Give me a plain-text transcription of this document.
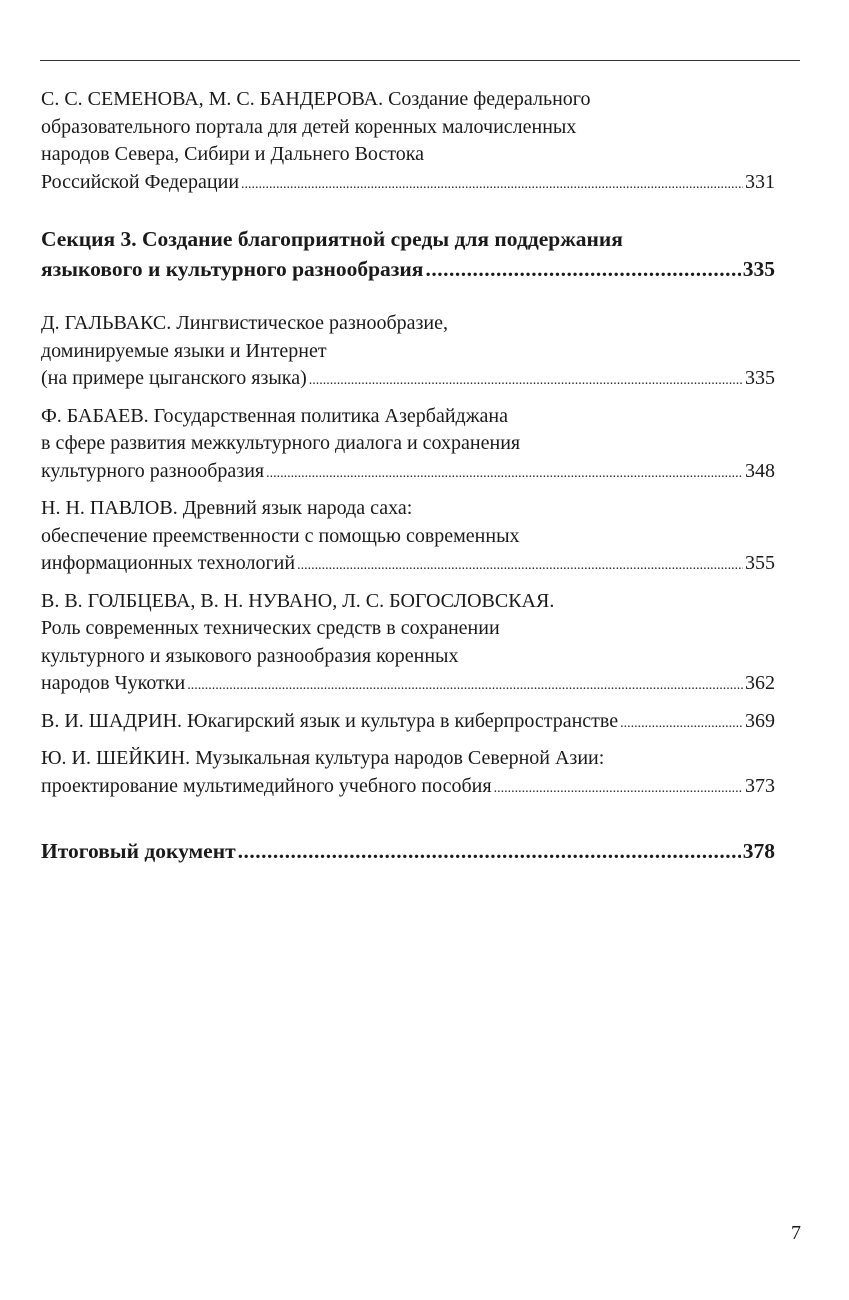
С. С. СЕМЕНОВА, М. С. БАНДЕРОВА. Создание федерального
образовательного портала для детей коренных малочисленных
народов Севера, Сибири и Дальнего Востока
Российской Федерации .....	331
Секция 3. Создание благоприятной среды для поддержания
языкового и культурного разнообразия .....	335
Д. ГАЛЬВАКС. Лингвистическое разнообразие,
доминируемые языки и Интернет
(на примере цыганского языка) .....	335
Ф. БАБАЕВ. Государственная политика Азербайджана
в сфере развития межкультурного диалога и сохранения
культурного разнообразия .....	348
Н. Н. ПАВЛОВ. Древний язык народа саха:
обеспечение преемственности с помощью современных
информационных технологий .....	355
В. В. ГОЛБЦЕВА, В. Н. НУВАНО, Л. С. БОГОСЛОВСКАЯ.
Роль современных технических средств в сохранении
культурного и языкового разнообразия коренных
народов Чукотки .....	362
В. И. ШАДРИН. Юкагирский язык и культура в киберпространстве .....	369
Ю. И. ШЕЙКИН. Музыкальная культура народов Северной Азии:
проектирование мультимедийного учебного пособия .....	373
Итоговый документ .....	378
7
